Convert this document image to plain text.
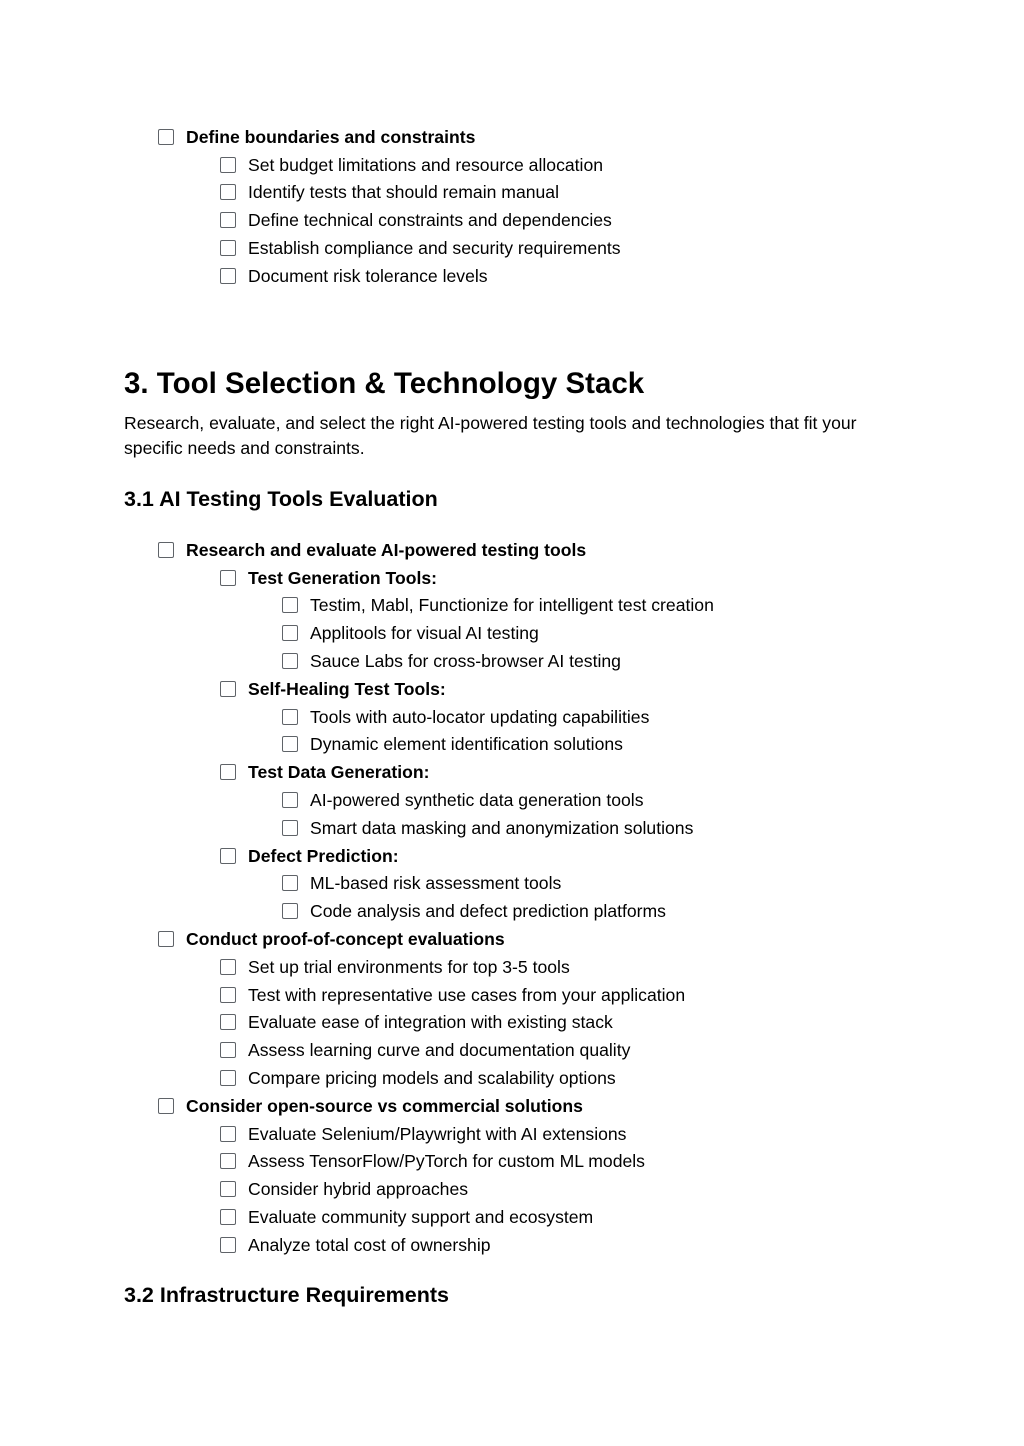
Define boundaries and constraints
Set budget limitations and resource allocation
Identify tests that should remain manual
Define technical constraints and dependencies
Establish compliance and security requirements
Document risk tolerance levels
3. Tool Selection & Technology Stack

Research, evaluate, and select the right AI-powered testing tools and technologies that fit your specific needs and constraints.

3.1 AI Testing Tools Evaluation
Research and evaluate AI-powered testing tools
Test Generation Tools:
Testim, Mabl, Functionize for intelligent test creation
Applitools for visual AI testing
Sauce Labs for cross-browser AI testing
Self-Healing Test Tools:
Tools with auto-locator updating capabilities
Dynamic element identification solutions
Test Data Generation:
AI-powered synthetic data generation tools
Smart data masking and anonymization solutions
Defect Prediction:
ML-based risk assessment tools
Code analysis and defect prediction platforms
Conduct proof-of-concept evaluations
Set up trial environments for top 3-5 tools
Test with representative use cases from your application
Evaluate ease of integration with existing stack
Assess learning curve and documentation quality
Compare pricing models and scalability options
Consider open-source vs commercial solutions
Evaluate Selenium/Playwright with AI extensions
Assess TensorFlow/PyTorch for custom ML models
Consider hybrid approaches
Evaluate community support and ecosystem
Analyze total cost of ownership
3.2 Infrastructure Requirements
